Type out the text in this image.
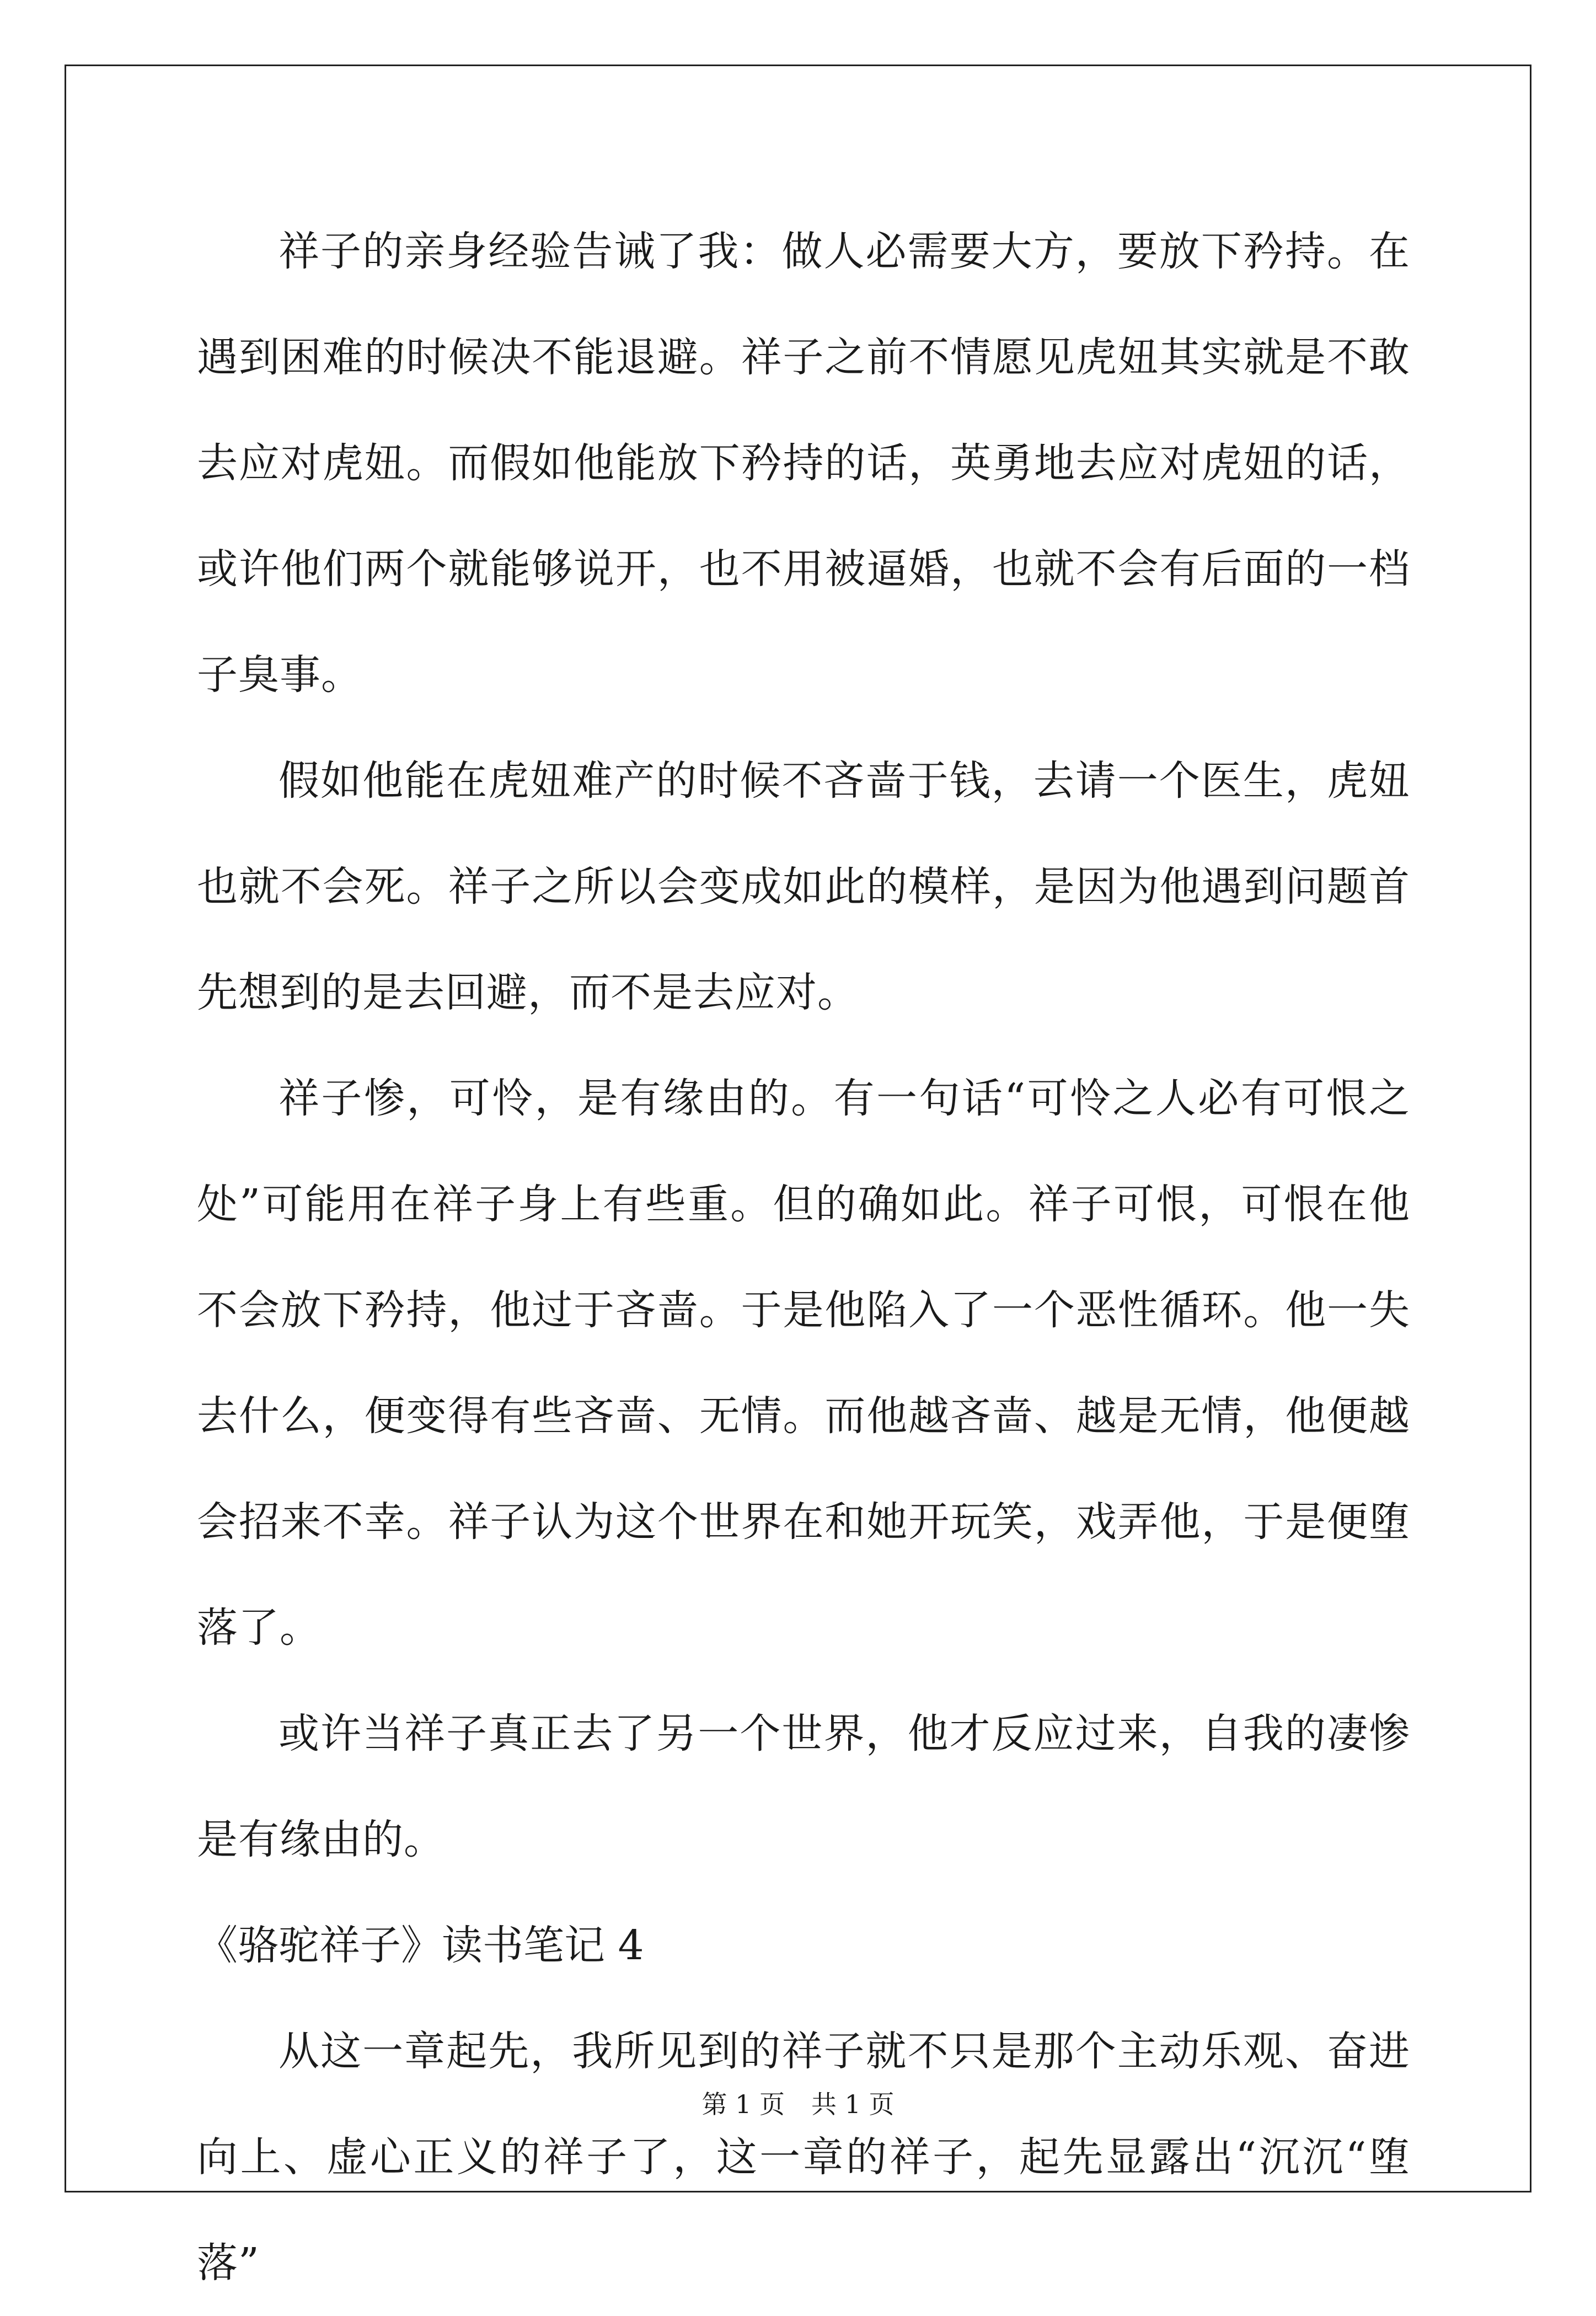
祥子的亲身经验告诫了我：做人必需要大方，要放下矜持。在遇到困难的时候决不能退避。祥子之前不情愿见虎妞其实就是不敢去应对虎妞。而假如他能放下矜持的话，英勇地去应对虎妞的话，或许他们两个就能够说开，也不用被逼婚，也就不会有后面的一档子臭事。

假如他能在虎妞难产的时候不吝啬于钱，去请一个医生，虎妞也就不会死。祥子之所以会变成如此的模样，是因为他遇到问题首先想到的是去回避，而不是去应对。

祥子惨，可怜，是有缘由的。有一句话“可怜之人必有可恨之处”可能用在祥子身上有些重。但的确如此。祥子可恨，可恨在他不会放下矜持，他过于吝啬。于是他陷入了一个恶性循环。他一失去什么，便变得有些吝啬、无情。而他越吝啬、越是无情，他便越会招来不幸。祥子认为这个世界在和她开玩笑，戏弄他，于是便堕落了。

或许当祥子真正去了另一个世界，他才反应过来，自我的凄惨是有缘由的。

《骆驼祥子》读书笔记 4

从这一章起先，我所见到的祥子就不只是那个主动乐观、奋进向上、虚心正义的祥子了，这一章的祥子，起先显露出“沉沉“堕落”

第 1 页 共 1 页
